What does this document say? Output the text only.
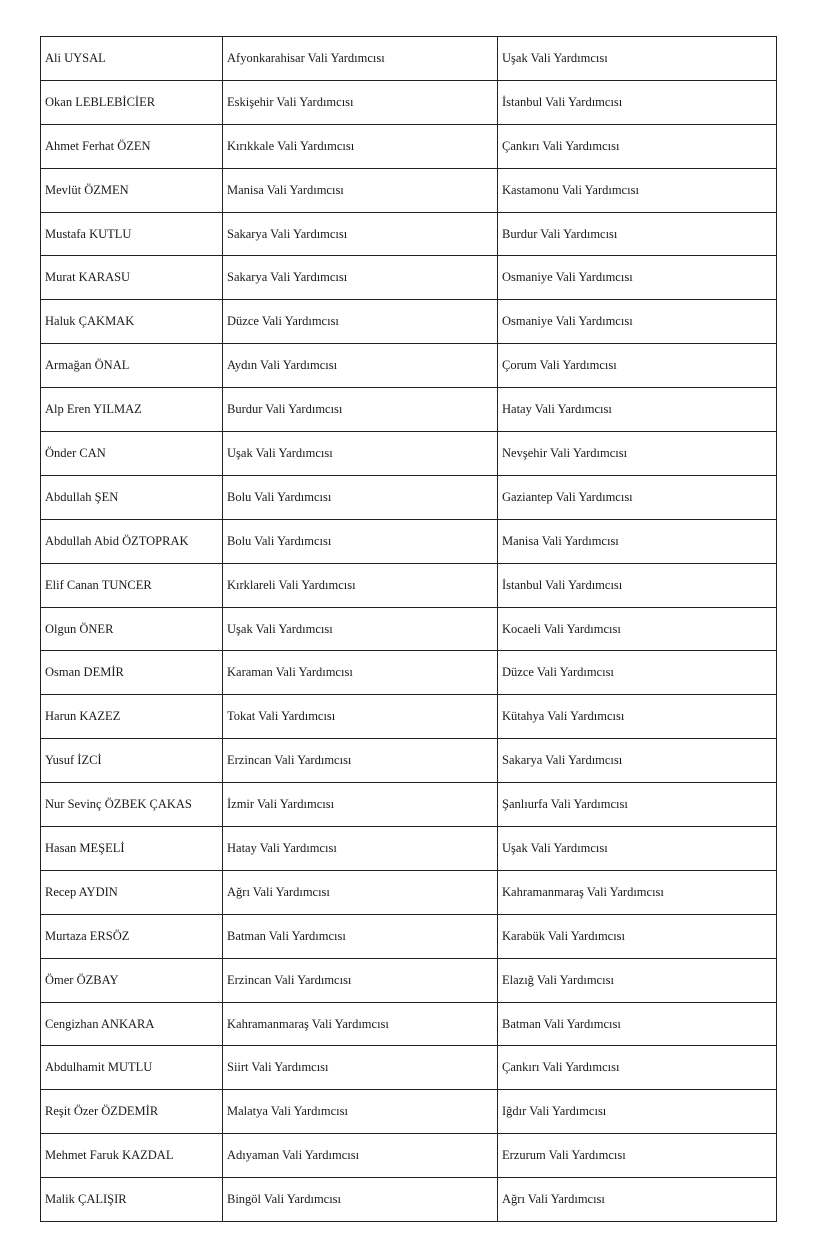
Ali UYSAL	Afyonkarahisar Vali Yardımcısı	Uşak Vali Yardımcısı
Okan LEBLEBİCİER	Eskişehir Vali Yardımcısı	İstanbul Vali Yardımcısı
Ahmet Ferhat ÖZEN	Kırıkkale Vali Yardımcısı	Çankırı Vali Yardımcısı
Mevlüt ÖZMEN	Manisa Vali Yardımcısı	Kastamonu Vali Yardımcısı
Mustafa KUTLU	Sakarya Vali Yardımcısı	Burdur Vali Yardımcısı
Murat KARASU	Sakarya Vali Yardımcısı	Osmaniye Vali Yardımcısı
Haluk ÇAKMAK	Düzce Vali Yardımcısı	Osmaniye Vali Yardımcısı
Armağan ÖNAL	Aydın Vali Yardımcısı	Çorum Vali Yardımcısı
Alp Eren YILMAZ	Burdur Vali Yardımcısı	Hatay Vali Yardımcısı
Önder CAN	Uşak Vali Yardımcısı	Nevşehir Vali Yardımcısı
Abdullah ŞEN	Bolu Vali Yardımcısı	Gaziantep Vali Yardımcısı
Abdullah Abid ÖZTOPRAK	Bolu Vali Yardımcısı	Manisa Vali Yardımcısı
Elif Canan TUNCER	Kırklareli Vali Yardımcısı	İstanbul Vali Yardımcısı
Olgun ÖNER	Uşak Vali Yardımcısı	Kocaeli Vali Yardımcısı
Osman DEMİR	Karaman Vali Yardımcısı	Düzce Vali Yardımcısı
Harun KAZEZ	Tokat Vali Yardımcısı	Kütahya Vali Yardımcısı
Yusuf İZCİ	Erzincan Vali Yardımcısı	Sakarya Vali Yardımcısı
Nur Sevinç ÖZBEK ÇAKAS	İzmir Vali Yardımcısı	Şanlıurfa Vali Yardımcısı
Hasan MEŞELİ	Hatay Vali Yardımcısı	Uşak Vali Yardımcısı
Recep AYDIN	Ağrı Vali Yardımcısı	Kahramanmaraş Vali Yardımcısı
Murtaza ERSÖZ	Batman Vali Yardımcısı	Karabük Vali Yardımcısı
Ömer ÖZBAY	Erzincan Vali Yardımcısı	Elazığ Vali Yardımcısı
Cengizhan ANKARA	Kahramanmaraş Vali Yardımcısı	Batman Vali Yardımcısı
Abdulhamit MUTLU	Siirt Vali Yardımcısı	Çankırı Vali Yardımcısı
Reşit Özer ÖZDEMİR	Malatya Vali Yardımcısı	Iğdır Vali Yardımcısı
Mehmet Faruk KAZDAL	Adıyaman Vali Yardımcısı	Erzurum Vali Yardımcısı
Malik ÇALIŞIR	Bingöl Vali Yardımcısı	Ağrı Vali Yardımcısı
